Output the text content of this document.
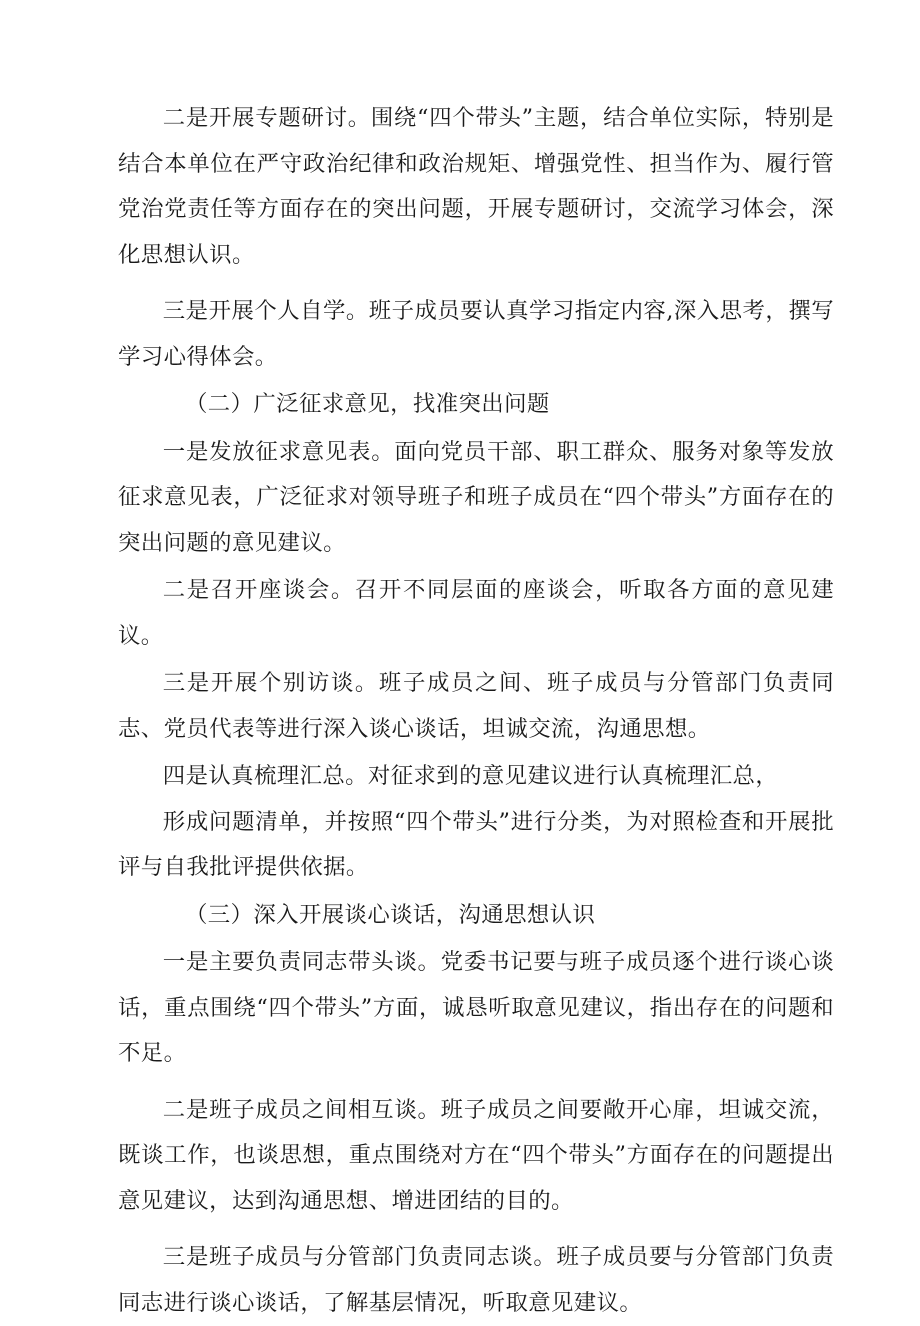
二是开展专题研讨。围绕“四个带头”主题，结合单位实际，特别是结合本单位在严守政治纪律和政治规矩、增强党性、担当作为、履行管党治党责任等方面存在的突出问题，开展专题研讨，交流学习体会，深化思想认识。

三是开展个人自学。班子成员要认真学习指定内容,深入思考，撰写学习心得体会。

（二）广泛征求意见，找准突出问题

一是发放征求意见表。面向党员干部、职工群众、服务对象等发放征求意见表，广泛征求对领导班子和班子成员在“四个带头”方面存在的突出问题的意见建议。

二是召开座谈会。召开不同层面的座谈会，听取各方面的意见建议。

三是开展个别访谈。班子成员之间、班子成员与分管部门负责同志、党员代表等进行深入谈心谈话，坦诚交流，沟通思想。

四是认真梳理汇总。对征求到的意见建议进行认真梳理汇总，

形成问题清单，并按照“四个带头”进行分类，为对照检查和开展批评与自我批评提供依据。

（三）深入开展谈心谈话，沟通思想认识

一是主要负责同志带头谈。党委书记要与班子成员逐个进行谈心谈话，重点围绕“四个带头”方面，诚恳听取意见建议，指出存在的问题和不足。

二是班子成员之间相互谈。班子成员之间要敞开心扉，坦诚交流，既谈工作，也谈思想，重点围绕对方在“四个带头”方面存在的问题提出意见建议，达到沟通思想、增进团结的目的。

三是班子成员与分管部门负责同志谈。班子成员要与分管部门负责同志进行谈心谈话，了解基层情况，听取意见建议。
